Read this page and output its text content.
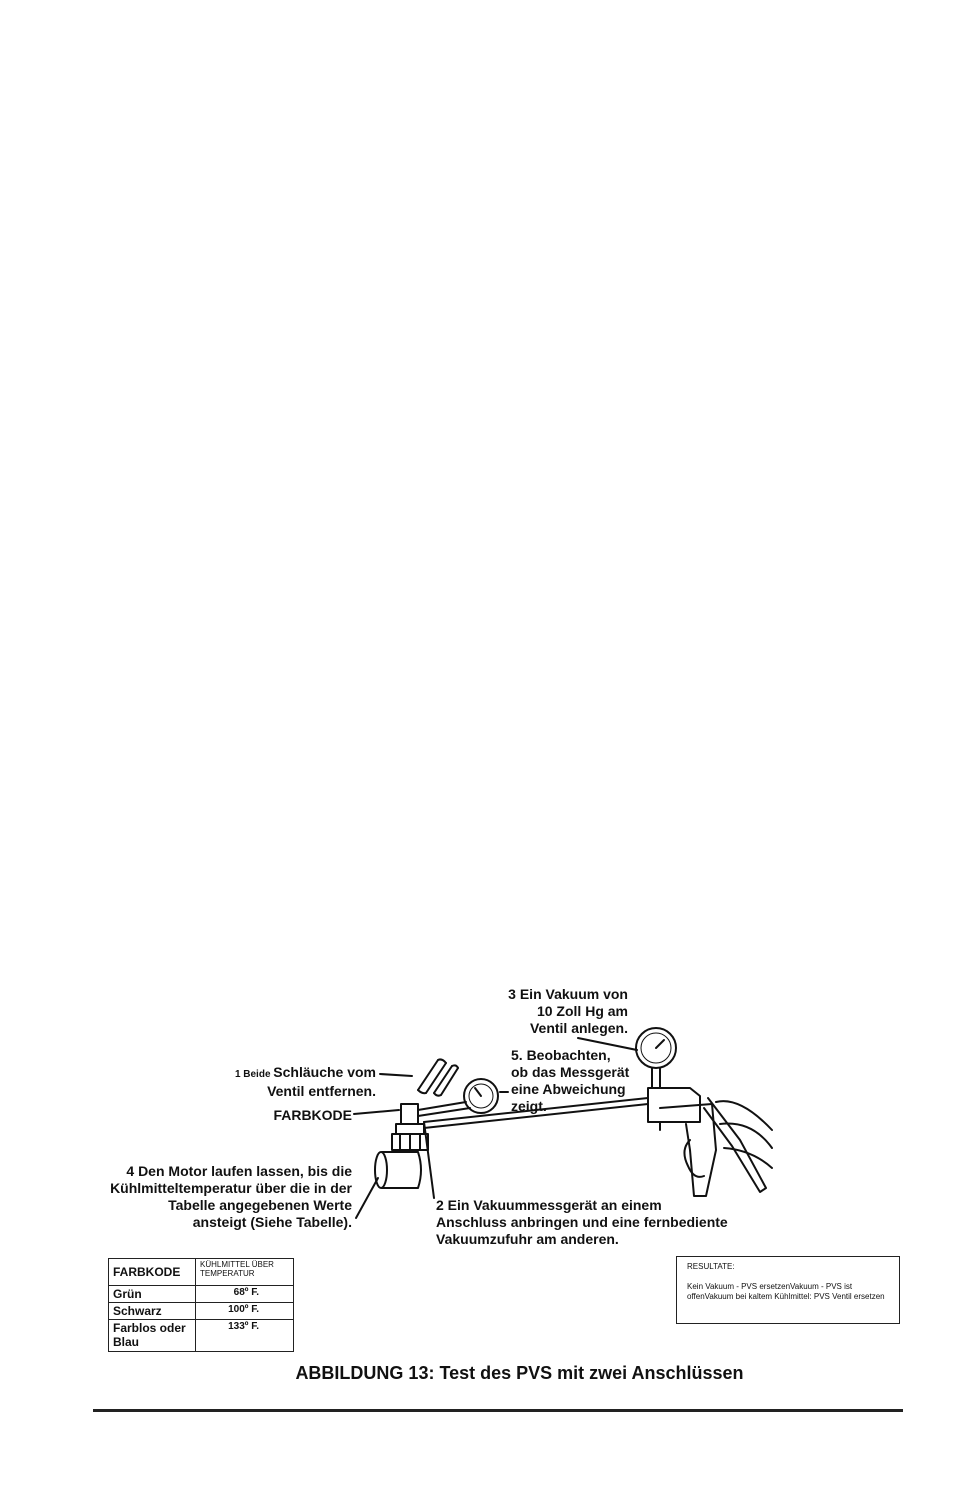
1 Beide Schläuche vom
Ventil entfernen.
FARBKODE
3 Ein Vakuum von
10 Zoll Hg am
Ventil anlegen.
5. Beobachten,
ob das Messgerät
eine Abweichung
zeigt.
4 Den Motor laufen lassen, bis die
Kühlmitteltemperatur über die in der
Tabelle angegebenen Werte
ansteigt (Siehe Tabelle).
2 Ein Vakuummessgerät an einem
Anschluss anbringen und eine fernbediente
Vakuumzufuhr am anderen.
FARBKODE	KÜHLMITTEL ÜBER TEMPERATUR
Grün	68º F.
Schwarz	100º F.
Farblos oder Blau	133º F.
RESULTATE:
Kein Vakuum - PVS ersetzenVakuum - PVS ist offenVakuum bei kaltem Kühlmittel: PVS Ventil ersetzen
ABBILDUNG 13: Test des PVS mit zwei Anschlüssen
